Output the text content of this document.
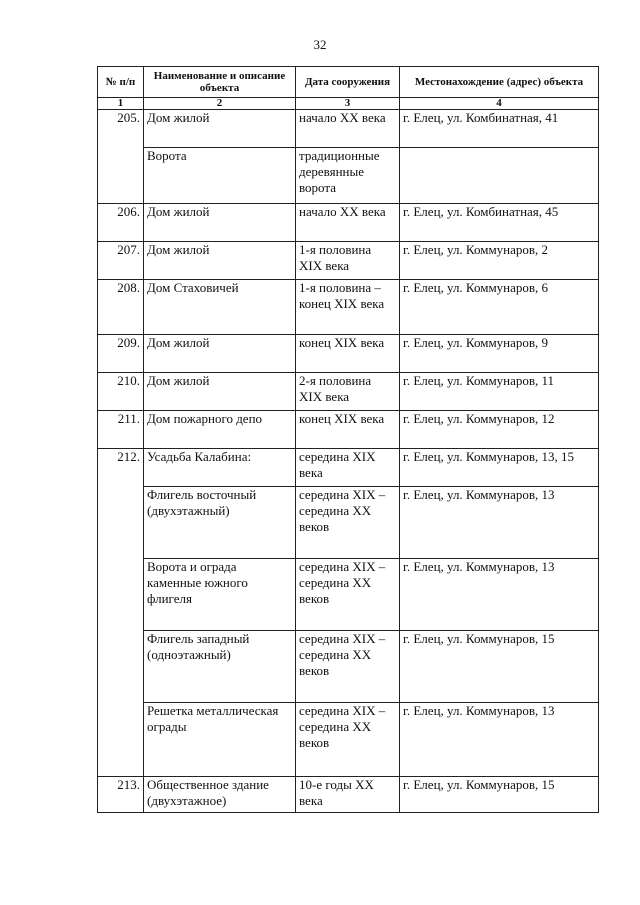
32
№ п/п	Наименование и описание объекта	Дата сооружения	Местонахождение (адрес) объекта
1	2	3	4
205.	Дом жилой	начало XX века	г. Елец, ул. Комбинатная, 41
	Ворота	традиционные деревянные ворота	
206.	Дом жилой	начало XX века	г. Елец, ул. Комбинатная, 45
207.	Дом жилой	1-я половина XIX века	г. Елец, ул. Коммунаров, 2
208.	Дом Стаховичей	1-я половина – конец XIX века	г. Елец, ул. Коммунаров, 6
209.	Дом жилой	конец XIX века	г. Елец, ул. Коммунаров, 9
210.	Дом жилой	2-я половина XIX века	г. Елец, ул. Коммунаров, 11
211.	Дом пожарного депо	конец XIX века	г. Елец, ул. Коммунаров, 12
212.	Усадьба Калабина:	середина XIX века	г. Елец, ул. Коммунаров, 13, 15
	Флигель восточный (двухэтажный)	середина XIX – середина XX веков	г. Елец, ул. Коммунаров, 13
	Ворота и ограда каменные южного флигеля	середина XIX – середина XX веков	г. Елец, ул. Коммунаров, 13
	Флигель западный (одноэтажный)	середина XIX – середина XX веков	г. Елец, ул. Коммунаров, 15
	Решетка металлическая ограды	середина XIX – середина XX веков	г. Елец, ул. Коммунаров, 13
213.	Общественное здание (двухэтажное)	10-е годы XX века	г. Елец, ул. Коммунаров, 15
